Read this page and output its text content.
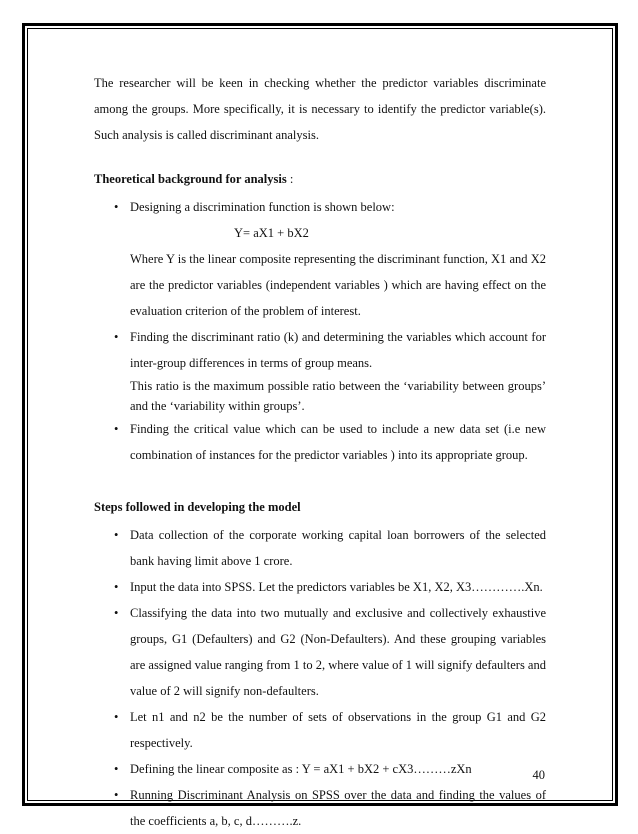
The researcher will be keen in checking whether the predictor variables discriminate among the groups. More specifically, it is necessary to identify the predictor variable(s). Such analysis is called discriminant analysis.

Theoretical background for analysis :
• Designing a discrimination function is shown below:

Y= aX1 + bX2

Where Y is the linear composite representing the discriminant function, X1 and X2 are the predictor variables (independent variables ) which are having effect on the evaluation criterion of the problem of interest.

• Finding the discriminant ratio (k) and determining the variables which account for inter-group differences in terms of group means.

This ratio is the maximum possible ratio between the ‘variability between groups’ and the ‘variability within groups’.

• Finding the critical value which can be used to include a new data set (i.e new combination of instances for the predictor variables ) into its appropriate group.

Steps followed in developing the model
• Data collection of the corporate working capital loan borrowers of the selected bank having limit above 1 crore.

• Input the data into SPSS. Let the predictors variables be X1, X2, X3………….Xn.

• Classifying the data into two mutually and exclusive and collectively exhaustive groups, G1 (Defaulters) and G2 (Non-Defaulters). And these grouping variables are assigned value ranging from 1 to 2, where value of 1 will signify defaulters and value of 2 will signify non-defaulters.

• Let n1 and n2 be the number of sets of observations in the group G1 and G2 respectively.

• Defining the linear composite as : Y = aX1 + bX2 + cX3………zXn

• Running Discriminant Analysis on SPSS over the data and finding the values of the coefficients a, b, c, d……….z.

40
